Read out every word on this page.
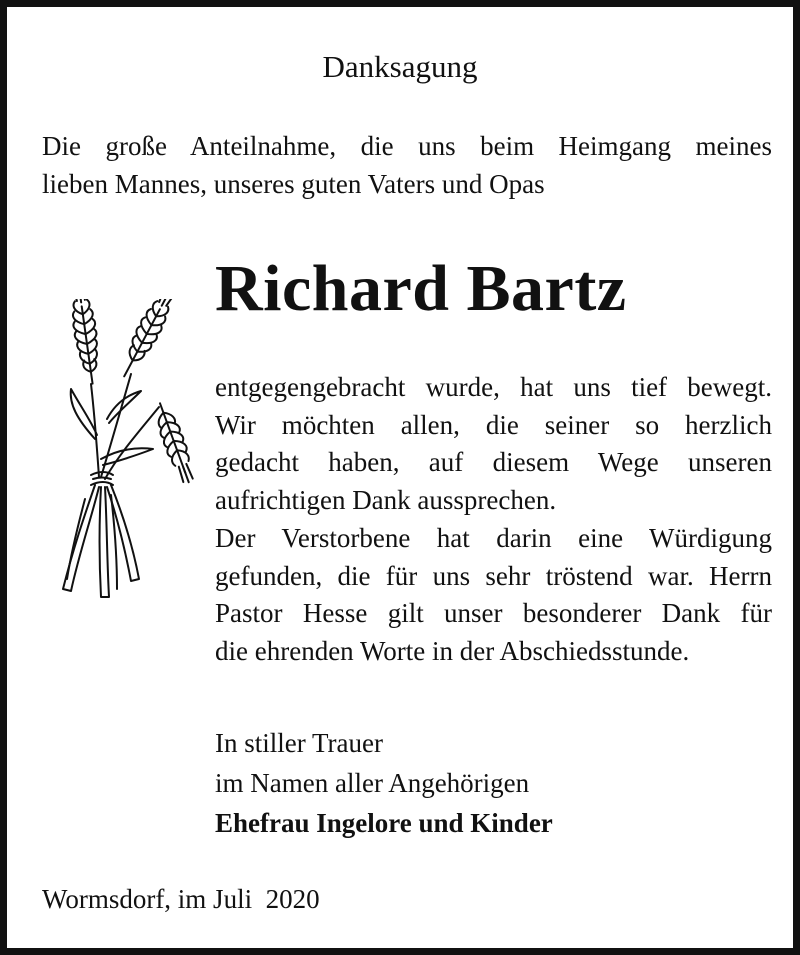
Danksagung
Die große Anteilnahme, die uns beim Heimgang meines
lieben Mannes, unseres guten Vaters und Opas
Richard Bartz
entgegengebracht wurde, hat uns tief bewegt.
Wir möchten allen, die seiner so herzlich
gedacht haben, auf diesem Wege unseren
aufrichtigen Dank aussprechen.
Der Verstorbene hat darin eine Würdigung
gefunden, die für uns sehr tröstend war. Herrn
Pastor Hesse gilt unser besonderer Dank für
die ehrenden Worte in der Abschiedsstunde.
In stiller Trauer
im Namen aller Angehörigen
Ehefrau Ingelore und Kinder
Wormsdorf, im Juli  2020
